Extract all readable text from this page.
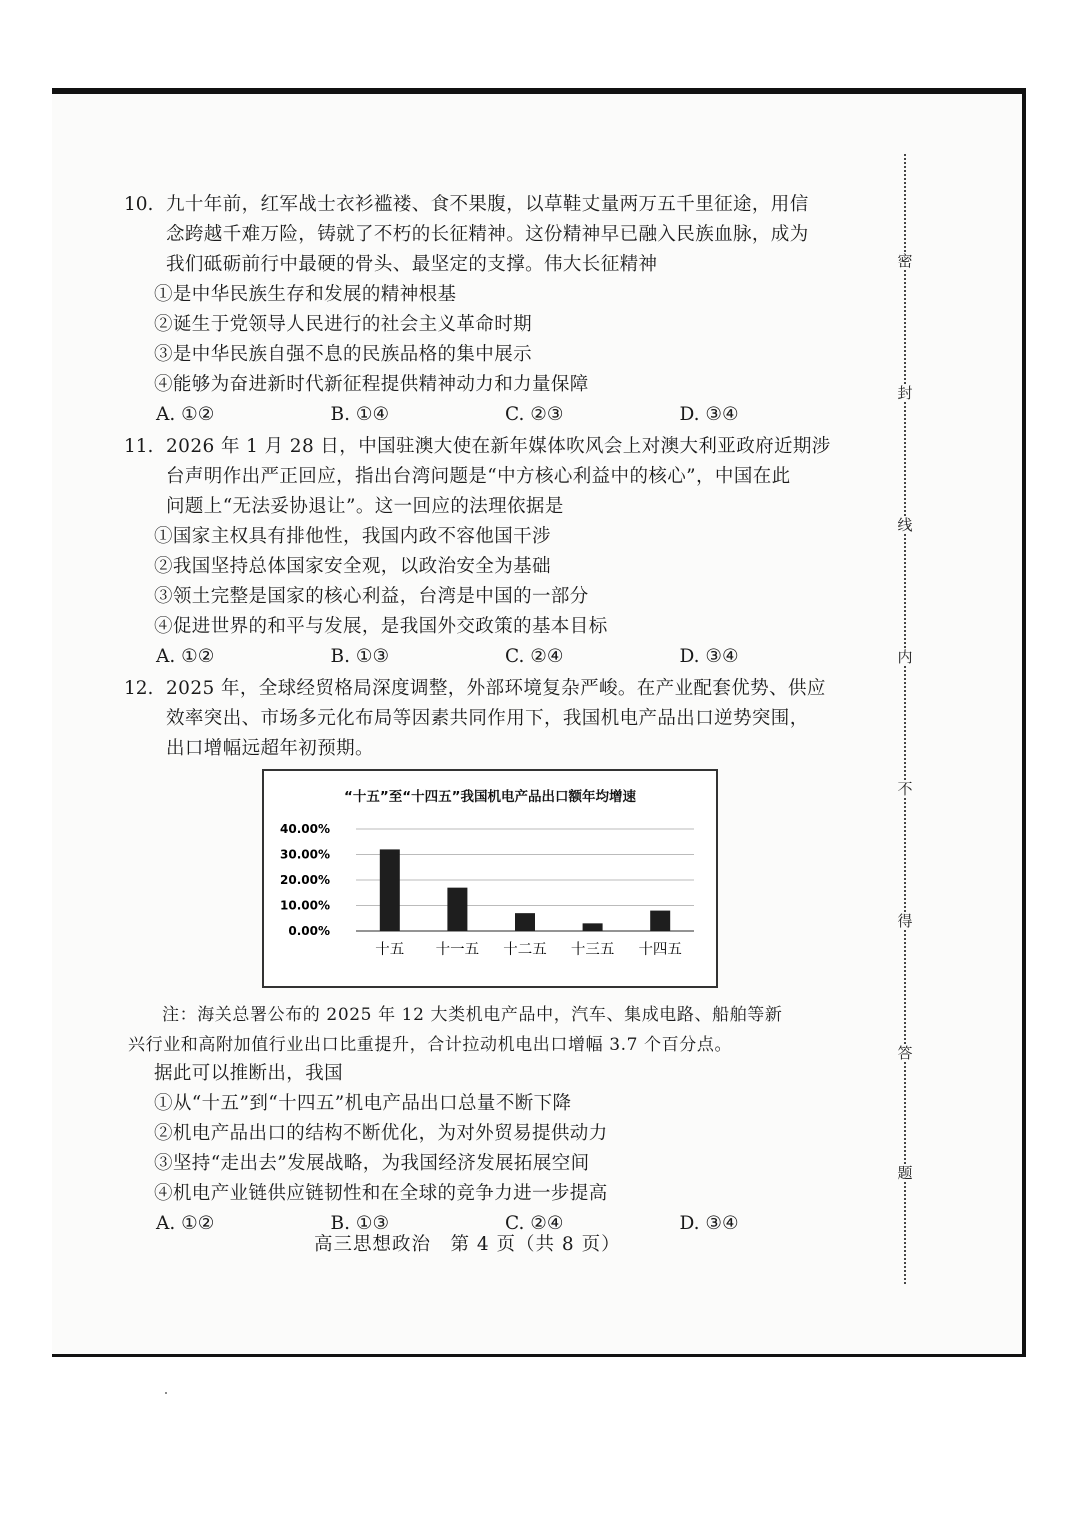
10. 九十年前，红军战士衣衫褴褛、食不果腹，以草鞋丈量两万五千里征途，用信
念跨越千难万险，铸就了不朽的长征精神。这份精神早已融入民族血脉，成为
我们砥砺前行中最硬的骨头、最坚定的支撑。伟大长征精神
①是中华民族生存和发展的精神根基
②诞生于党领导人民进行的社会主义革命时期
③是中华民族自强不息的民族品格的集中展示
④能够为奋进新时代新征程提供精神动力和力量保障
A. ①②	B. ①④	C. ②③	D. ③④
11. 2026 年 1 月 28 日，中国驻澳大使在新年媒体吹风会上对澳大利亚政府近期涉
台声明作出严正回应，指出台湾问题是“中方核心利益中的核心”，中国在此
问题上“无法妥协退让”。这一回应的法理依据是
①国家主权具有排他性，我国内政不容他国干涉
②我国坚持总体国家安全观，以政治安全为基础
③领土完整是国家的核心利益，台湾是中国的一部分
④促进世界的和平与发展，是我国外交政策的基本目标
A. ①②	B. ①③	C. ②④	D. ③④
12. 2025 年，全球经贸格局深度调整，外部环境复杂严峻。在产业配套优势、供应
效率突出、市场多元化布局等因素共同作用下，我国机电产品出口逆势突围，
出口增幅远超年初预期。
“十五”至“十四五”我国机电产品出口额年均增速
0.00%
10.00%
20.00%
30.00%
40.00%
十五 十一五 十二五 十三五 十四五
注：海关总署公布的 2025 年 12 大类机电产品中，汽车、集成电路、船舶等新
兴行业和高附加值行业出口比重提升，合计拉动机电出口增幅 3.7 个百分点。
据此可以推断出，我国
①从“十五”到“十四五”机电产品出口总量不断下降
②机电产品出口的结构不断优化，为对外贸易提供动力
③坚持“走出去”发展战略，为我国经济发展拓展空间
④机电产业链供应链韧性和在全球的竞争力进一步提高
A. ①②	B. ①③	C. ②④	D. ③④
高三思想政治　第 4 页（共 8 页）
密
封
线
内
不
得
答
题
